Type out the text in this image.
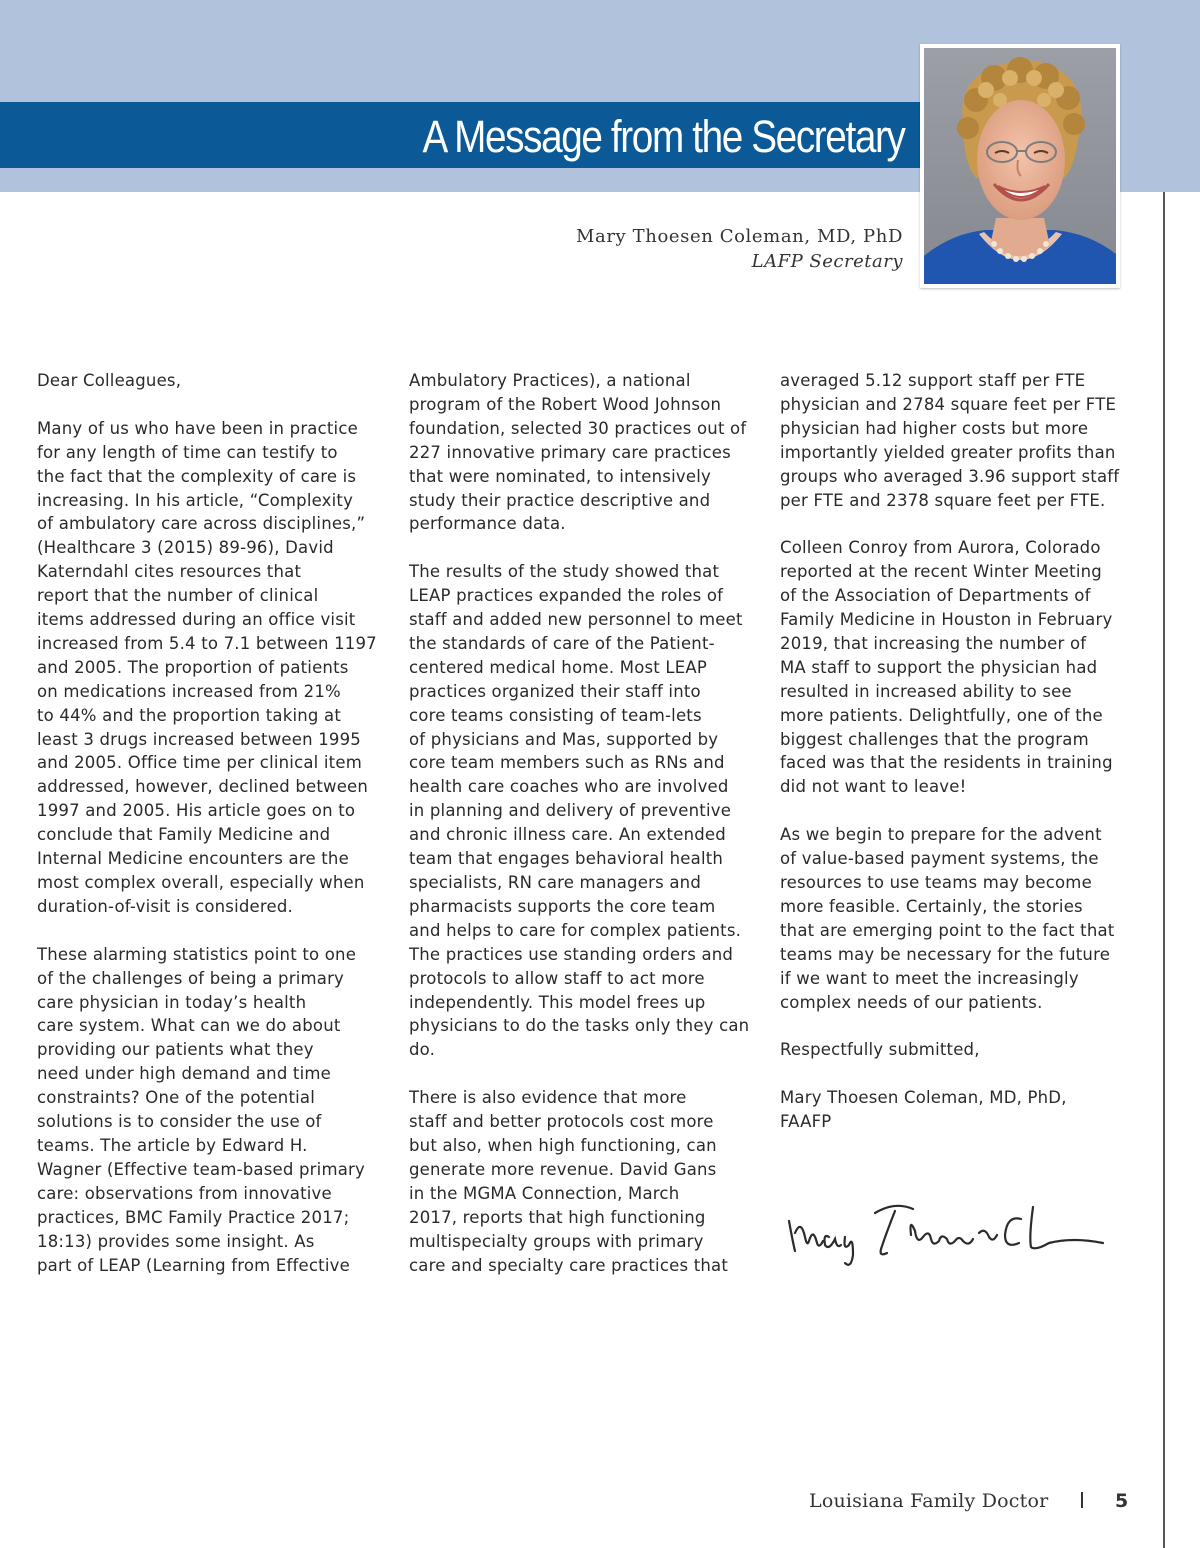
A Message from the Secretary
Mary Thoesen Coleman, MD, PhD
LAFP Secretary
Dear Colleagues,
Many of us who have been in practice
for any length of time can testify to
the fact that the complexity of care is
increasing. In his article, “Complexity
of ambulatory care across disciplines,”
(Healthcare 3 (2015) 89-96), David
Katerndahl cites resources that
report that the number of clinical
items addressed during an office visit
increased from 5.4 to 7.1 between 1197
and 2005. The proportion of patients
on medications increased from 21%
to 44% and the proportion taking at
least 3 drugs increased between 1995
and 2005. Office time per clinical item
addressed, however, declined between
1997 and 2005. His article goes on to
conclude that Family Medicine and
Internal Medicine encounters are the
most complex overall, especially when
duration-of-visit is considered.
These alarming statistics point to one
of the challenges of being a primary
care physician in today’s health
care system. What can we do about
providing our patients what they
need under high demand and time
constraints? One of the potential
solutions is to consider the use of
teams. The article by Edward H.
Wagner (Effective team-based primary
care: observations from innovative
practices, BMC Family Practice 2017;
18:13) provides some insight. As
part of LEAP (Learning from Effective
Ambulatory Practices), a national
program of the Robert Wood Johnson
foundation, selected 30 practices out of
227 innovative primary care practices
that were nominated, to intensively
study their practice descriptive and
performance data.
The results of the study showed that
LEAP practices expanded the roles of
staff and added new personnel to meet
the standards of care of the Patient-
centered medical home. Most LEAP
practices organized their staff into
core teams consisting of team-lets
of physicians and Mas, supported by
core team members such as RNs and
health care coaches who are involved
in planning and delivery of preventive
and chronic illness care. An extended
team that engages behavioral health
specialists, RN care managers and
pharmacists supports the core team
and helps to care for complex patients.
The practices use standing orders and
protocols to allow staff to act more
independently. This model frees up
physicians to do the tasks only they can
do.
There is also evidence that more
staff and better protocols cost more
but also, when high functioning, can
generate more revenue. David Gans
in the MGMA Connection, March
2017, reports that high functioning
multispecialty groups with primary
care and specialty care practices that
averaged 5.12 support staff per FTE
physician and 2784 square feet per FTE
physician had higher costs but more
importantly yielded greater profits than
groups who averaged 3.96 support staff
per FTE and 2378 square feet per FTE.
Colleen Conroy from Aurora, Colorado
reported at the recent Winter Meeting
of the Association of Departments of
Family Medicine in Houston in February
2019, that increasing the number of
MA staff to support the physician had
resulted in increased ability to see
more patients. Delightfully, one of the
biggest challenges that the program
faced was that the residents in training
did not want to leave!
As we begin to prepare for the advent
of value-based payment systems, the
resources to use teams may become
more feasible. Certainly, the stories
that are emerging point to the fact that
teams may be necessary for the future
if we want to meet the increasingly
complex needs of our patients.
Respectfully submitted,
Mary Thoesen Coleman, MD, PhD,
FAAFP
Louisiana Family Doctor	5
